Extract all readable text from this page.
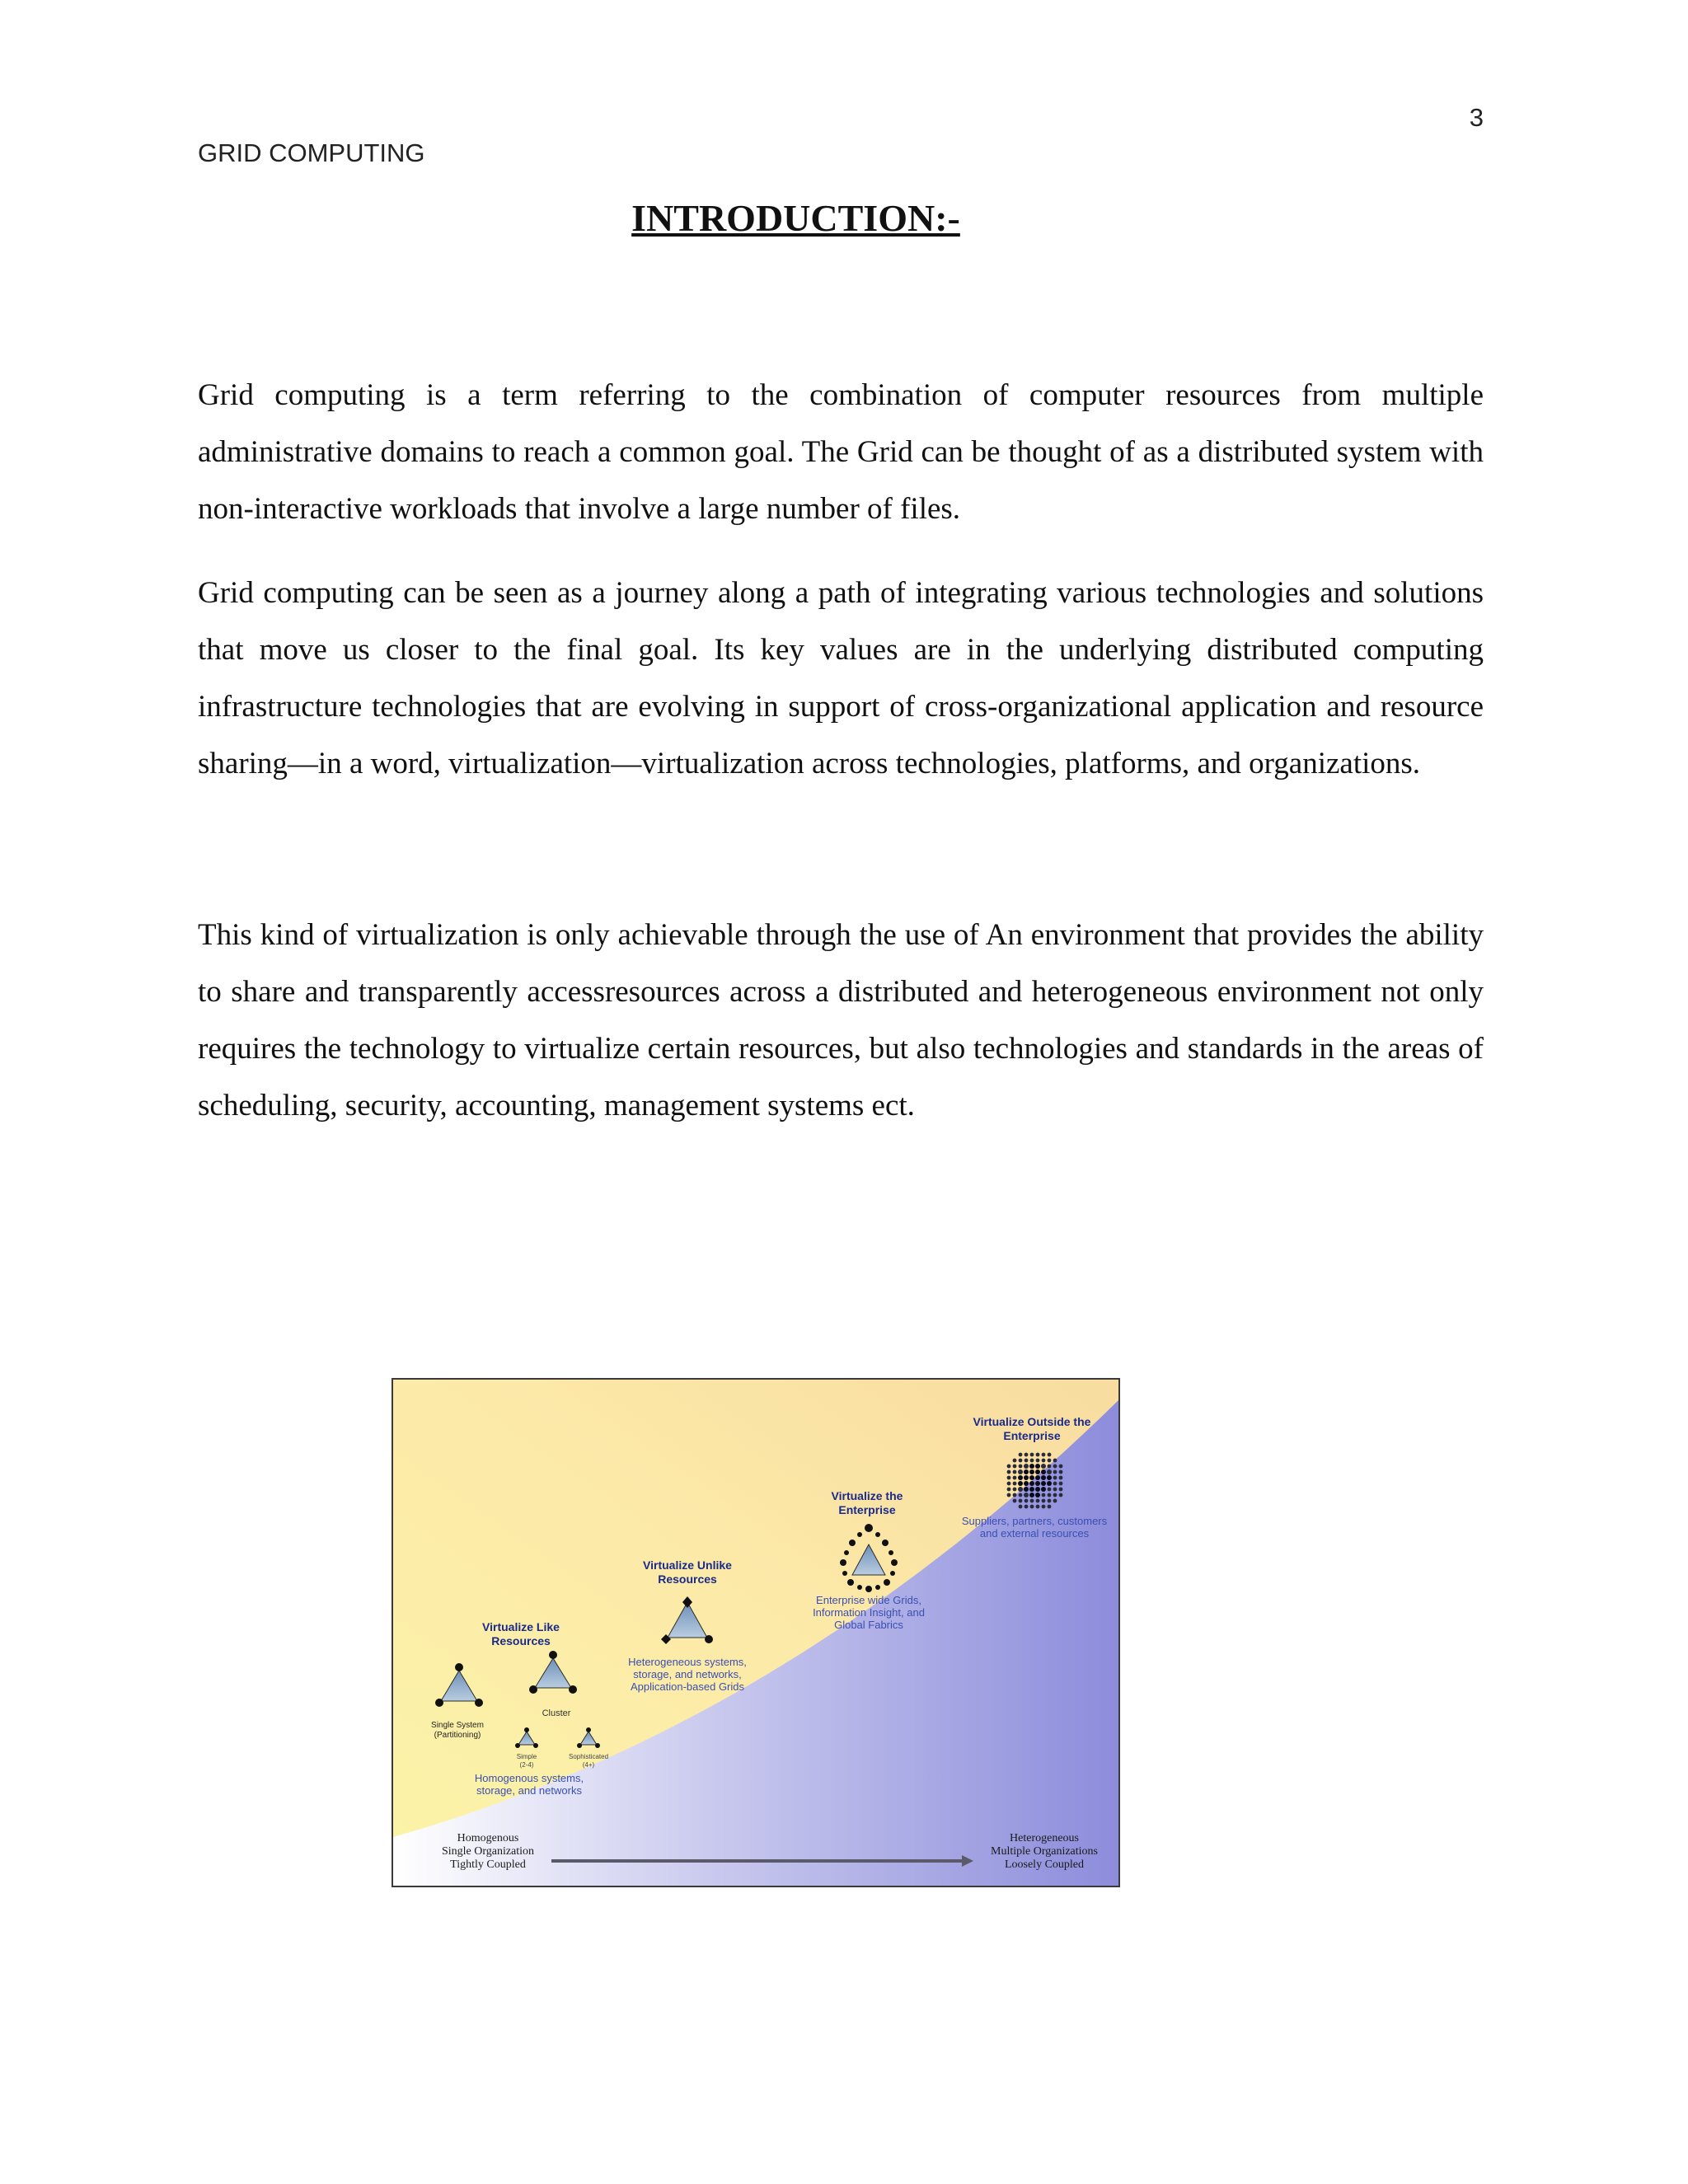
GRID COMPUTING
3
INTRODUCTION:-

Grid computing is a term referring to the combination of computer resources from multiple administrative domains to reach a common goal. The Grid can be thought of as a distributed system with non-interactive workloads that involve a large number of files.

Grid computing can be seen as a journey along a path of integrating various technologies and solutions that move us closer to the final goal. Its key values are in the underlying distributed computing infrastructure technologies that are evolving in support of cross-organizational application and resource sharing—in a word, virtualization—virtualization across technologies, platforms, and organizations.

This kind of virtualization is only achievable through the use of An environment that provides the ability to share and transparently accessresources across a distributed and heterogeneous environment not only requires the technology to virtualize certain resources, but also technologies and standards in the areas of scheduling, security, accounting, management systems ect.

Virtualize Like
Resources
Cluster
Single System
(Partitioning)
Simple
(2-4)
Sophisticated
(4+)
Homogenous systems,
storage, and networks
Virtualize Unlike
Resources
Heterogeneous systems,
storage, and networks,
Application-based Grids
Virtualize the
Enterprise
Enterprise wide Grids,
Information Insight, and
Global Fabrics
Virtualize Outside the
Enterprise
Suppliers, partners, customers
and external resources
Homogenous
Single Organization
Tightly Coupled
Heterogeneous
Multiple Organizations
Loosely Coupled
